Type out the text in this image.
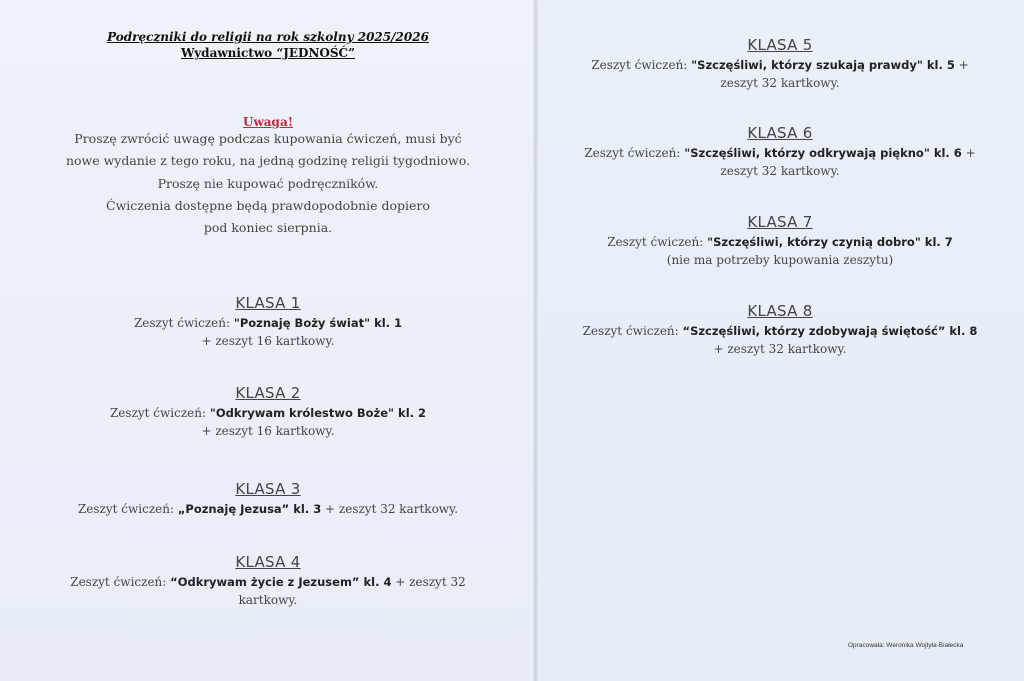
Podręczniki do religii na rok szkolny 2025/2026
Wydawnictwo “JEDNOŚĆ”
Uwaga!
Proszę zwrócić uwagę podczas kupowania ćwiczeń, musi być
nowe wydanie z tego roku, na jedną godzinę religii tygodniowo.
Proszę nie kupować podręczników.
Ćwiczenia dostępne będą prawdopodobnie dopiero
pod koniec sierpnia.
KLASA 1
Zeszyt ćwiczeń: "Poznaję Boży świat" kl. 1
+ zeszyt 16 kartkowy.
KLASA 2
Zeszyt ćwiczeń: "Odkrywam królestwo Boże" kl. 2
+ zeszyt 16 kartkowy.
KLASA 3
Zeszyt ćwiczeń: „Poznaję Jezusa” kl. 3 + zeszyt 32 kartkowy.
KLASA 4
Zeszyt ćwiczeń: “Odkrywam życie z Jezusem” kl. 4 + zeszyt 32
kartkowy.
KLASA 5
Zeszyt ćwiczeń: "Szczęśliwi, którzy szukają prawdy" kl. 5 +
zeszyt 32 kartkowy.
KLASA 6
Zeszyt ćwiczeń: "Szczęśliwi, którzy odkrywają piękno" kl. 6 +
zeszyt 32 kartkowy.
KLASA 7
Zeszyt ćwiczeń: "Szczęśliwi, którzy czynią dobro" kl. 7
(nie ma potrzeby kupowania zeszytu)
KLASA 8
Zeszyt ćwiczeń: “Szczęśliwi, którzy zdobywają świętość” kl. 8
+ zeszyt 32 kartkowy.
Opracowała: Weronika Wojtyła-Białecka
